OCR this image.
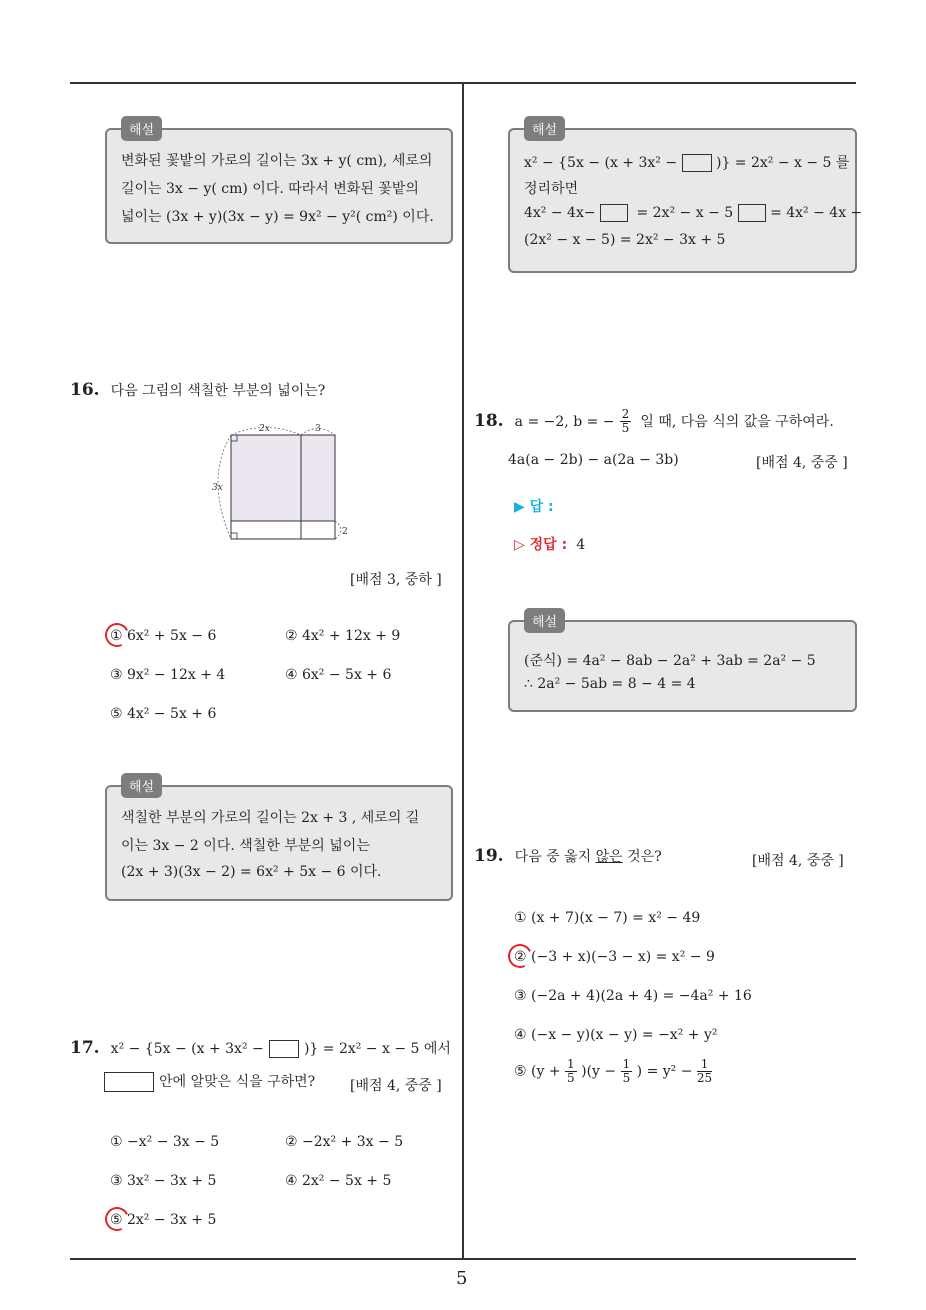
5
해설
변화된 꽃밭의 가로의 길이는 3x + y( cm), 세로의
길이는 3x − y( cm) 이다. 따라서 변화된 꽃밭의
넓이는 (3x + y)(3x − y) = 9x² − y²( cm²) 이다.
16. 다음 그림의 색칠한 부분의 넓이는?
2x	3
3x
2
[배점 3, 중하 ]
① 6x² + 5x − 6	② 4x² + 12x + 9
③ 9x² − 12x + 4	④ 6x² − 5x + 6
⑤ 4x² − 5x + 6
해설
색칠한 부분의 가로의 길이는 2x + 3 , 세로의 길
이는 3x − 2 이다. 색칠한 부분의 넓이는
(2x + 3)(3x − 2) = 6x² + 5x − 6 이다.
17. x² − {5x − (x + 3x² −	)} = 2x² − x − 5 에서
안에 알맞은 식을 구하면? [배점 4, 중중 ]
① −x² − 3x − 5	② −2x² + 3x − 5
③ 3x² − 3x + 5	④ 2x² − 5x + 5
⑤ 2x² − 3x + 5
해설
x² − {5x − (x + 3x² −	)} = 2x² − x − 5 를
정리하면
4x² − 4x−	= 2x² − x − 5	= 4x² − 4x −
(2x² − x − 5) = 2x² − 3x + 5
18. a = −2, b = − $\frac{2}{5}$ 일 때, 다음 식의 값을 구하여라.
4a(a − 2b) − a(2a − 3b)	[배점 4, 중중 ]
▶ 답 :
▷ 정답 : 4
해설
(준식) = 4a² − 8ab − 2a² + 3ab = 2a² − 5
∴ 2a² − 5ab = 8 − 4 = 4
19. 다음 중 옳지 않은 것은?	[배점 4, 중중 ]
① (x + 7)(x − 7) = x² − 49
② (−3 + x)(−3 − x) = x² − 9
③ (−2a + 4)(2a + 4) = −4a² + 16
④ (−x − y)(x − y) = −x² + y²
⑤ $(y + \frac{1}{5} )(y - \frac{1}{5}$ ) = $y^2 - \frac{1}{25}$
